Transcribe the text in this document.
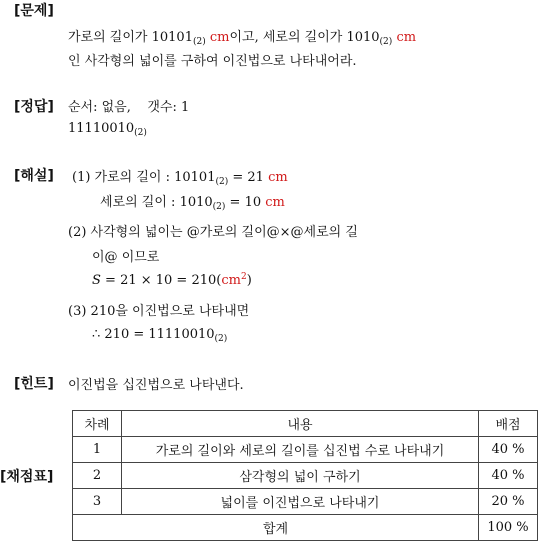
[문제]
가로의 길이가 $10101_{(2)}$ cm이고, 세로의 길이가 $1010_{(2)}$ cm
인 사각형의 넓이를 구하여 이진법으로 나타내어라.
[정답] 순서: 없음,    갯수: 1
$11110010_{(2)}$
[해설] (1) 가로의 길이 : $10101_{(2)} = 21$ cm
세로의 길이 : $1010_{(2)} = 10$ cm
(2) 사각형의 넓이는 @가로의 길이@×@세로의 길
이@ 이므로
$S = 21 \times 10 = 210(cm^2)$
(3) 210을 이진법으로 나타내면
∴ $210 = 11110010_{(2)}$
[힌트] 이진법을 십진법으로 나타낸다.
[채점표]
차례	내용	배점
1	가로의 길이와 세로의 길이를 십진법 수로 나타내기	40 %
2	삼각형의 넓이 구하기	40 %
3	넓이를 이진법으로 나타내기	20 %
합계		100 %
